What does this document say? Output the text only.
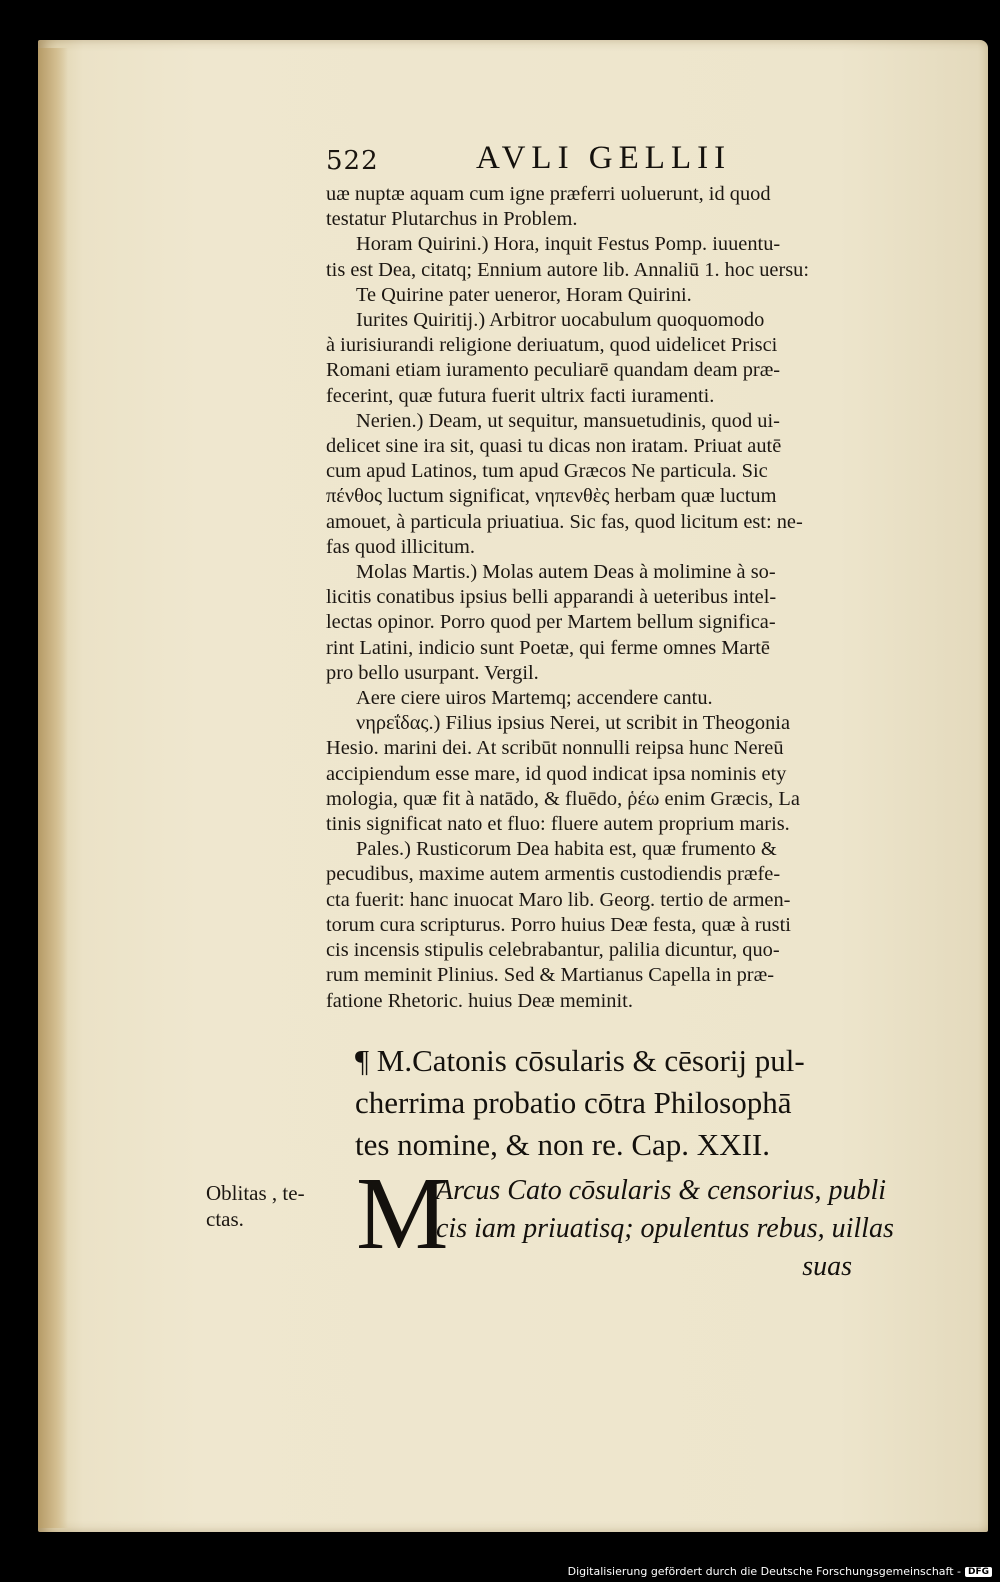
522	AVLI GELLII
uæ nuptæ aquam cum igne præferri uoluerunt, id quod
testatur Plutarchus in Problem.
Horam Quirini.) Hora, inquit Festus Pomp. iuuentu-
tis est Dea, citatq; Ennium autore lib. Annaliū 1. hoc uersu:
Te Quirine pater ueneror, Horam Quirini.
Iurites Quiritij.) Arbitror uocabulum quoquomodo
à iurisiurandi religione deriuatum, quod uidelicet Prisci
Romani etiam iuramento peculiarē quandam deam præ-
fecerint, quæ futura fuerit ultrix facti iuramenti.
Nerien.) Deam, ut sequitur, mansuetudinis, quod ui-
delicet sine ira sit, quasi tu dicas non iratam. Priuat autē
cum apud Latinos, tum apud Græcos Ne particula. Sic
πένθος luctum significat, νηπενθὲς herbam quæ luctum
amouet, à particula priuatiua. Sic fas, quod licitum est: ne-
fas quod illicitum.
Molas Martis.) Molas autem Deas à molimine à so-
licitis conatibus ipsius belli apparandi à ueteribus intel-
lectas opinor. Porro quod per Martem bellum significa-
rint Latini, indicio sunt Poetæ, qui ferme omnes Martē
pro bello usurpant. Vergil.
Aere ciere uiros Martemq; accendere cantu.
νηρεΐδας.) Filius ipsius Nerei, ut scribit in Theogonia
Hesio. marini dei. At scribūt nonnulli reipsa hunc Nereū
accipiendum esse mare, id quod indicat ipsa nominis ety
mologia, quæ fit à natādo, & fluēdo, ῥέω enim Græcis, La
tinis significat nato et fluo: fluere autem proprium maris.
Pales.) Rusticorum Dea habita est, quæ frumento &
pecudibus, maxime autem armentis custodiendis præfe-
cta fuerit: hanc inuocat Maro lib. Georg. tertio de armen-
torum cura scripturus. Porro huius Deæ festa, quæ à rusti
cis incensis stipulis celebrabantur, palilia dicuntur, quo-
rum meminit Plinius. Sed & Martianus Capella in præ-
fatione Rhetoric. huius Deæ meminit.
¶ M.Catonis cōsularis & cēsorij pul-
cherrima probatio cōtra Philosophā
tes nomine, & non re. Cap. XXII.
Oblitas , te-
ctas.	M
Arcus Cato cōsularis & censorius, publi
cis iam priuatisq; opulentus rebus, uillas
suas
Digitalisierung gefördert durch die Deutsche Forschungsgemeinschaft - DFG
